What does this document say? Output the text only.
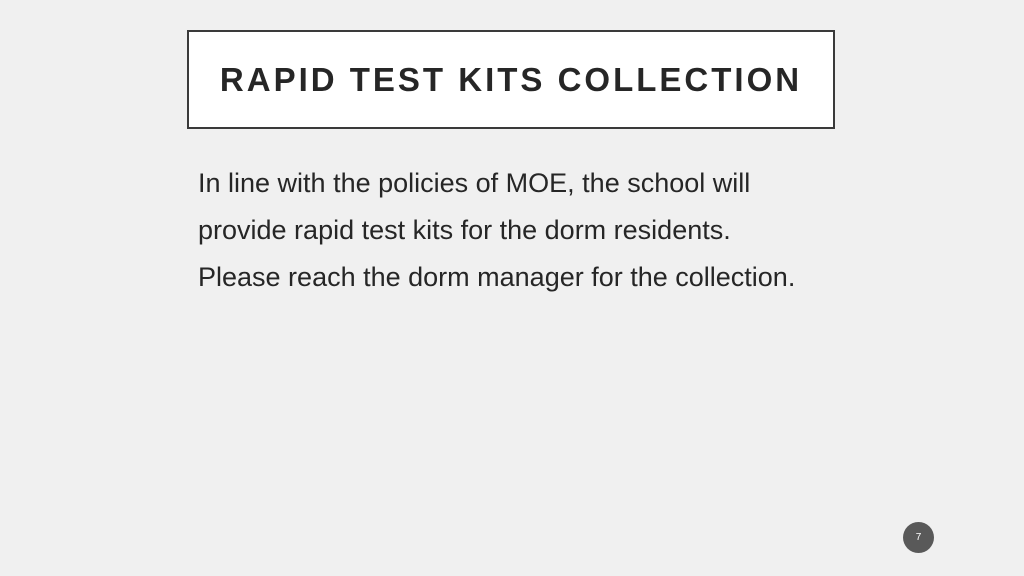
RAPID TEST KITS COLLECTION
In line with the policies of MOE, the school will
provide rapid test kits for the dorm residents.
Please reach the dorm manager for the collection.
7
